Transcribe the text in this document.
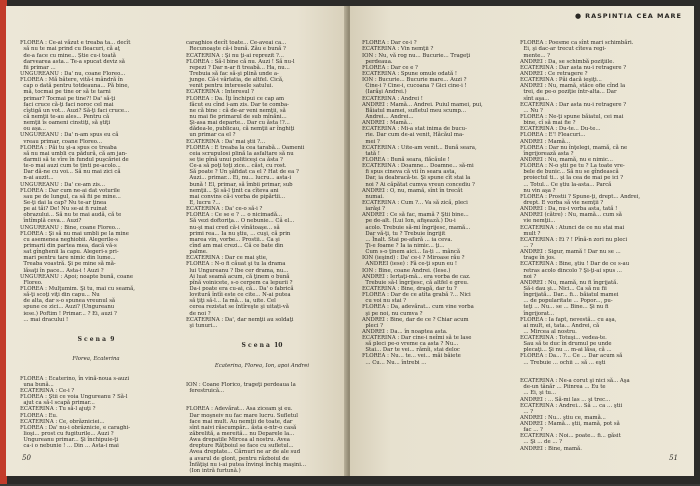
FLOREA : Ce-ai văzut e treaba ta... decît
să nu te mai prind cu fleacuri, că aţ
de-a face cu mine... Știe cu-i toată
darvearea asta... Te-a spucat deviz să
fii primar ...
UNGUREANU : Da' nu, coane Floreo...
FLOREA : Mă bătere, vită-i mândră în
cap o dată pentru totdeauna... Pă bine,
mă, tocmai pe tine or să te tarni
primar? Tocmai pe tine?! Da' să-ţi
faci cruce că-ţi faci noroc cel mai
cîştigă un vot... Auzi? Să-ţi faci cruce...
că nemţii te-au ales... Pentru că
nemţii îs oameni cinstiţi, să ştiţi
ou așa...
UNGUREANU : Da' n-am spus eu că
vreau primar, coane Floreo...
FLOREA : Păi tu şi-a spus ce treaba
să nu mai umbli cu pădură, că am jan-
darmii să te vîre în fundul puşcăriei de
te-o mai auzi cum te ținti pe-acolo...
Dar dă-ne cu voi... Să nu mai zici că
n-ai auzit...
UNGUREANU : Da' ce-am zis...
FLOREA : Dar cum ne-ai dat voturile
sau pe de lungul, ca să fii pe mine...
Se-ţi dai la cap? Nu te-ar ţinea
pe ai tăi? De! Nu se-ai fi ruinat
obrazului... Să nu te mai audă, că te
întîmplă ceva... Auzi?
UNGUREANU : Bine, coane Floreo...
FLOREA : Şi să nu mai umbli pe la mine
cu asemenea neghiobii. Alegerile-s
primarii din partea mea, dacă vă-s
sat gînghenii la capu. Alegeri-s pri-
mari pentru tare nimic din lume...
Treaba voastră. Şi pe mine să mă-
lăsaţi în pace... Asta-i ! Auzi ?
UNGUREANU : Apoi; noapte bună, coane
Floreo.
FLOREA : Mulţumim. Şi tu, mai cu seamă,
să-ţi scoţi viţi din capu... Nu
de alta, dar s-o spunea vreunul să
spune ce zici... Auzi? (Ungureanu
iese.) Poftim ! Primar... ? Ei, auzi ?
... mai dracului !

S c e n a  9

Florea, Ecaterina

FLOREA : Ecaterino, în vină-noua s-auzi
una bună...
ECATERINA : Ce-i ?
FLOREA : Ştii ce voia Ungureanu ? Să-l
ajut ca să-l scapă primar...
ECATERINA : Tu să-l ajuţi ?
FLOREA : Eu.
ECATERINA : Ce, obrăzniciei...
FLOREA : Da' nu-i obrăznicie, e caraghi-
lioşi... prost cu fugiturile... Auzi ?
Ungureanu primar... Şi închipuie-ţi
ca-i o nebunie ! ... Din ... Asta-i mai

caraghios decît toate... Ce-aveai ca...
Recunoaşte că-i bună. Zău e bună ?
ECATERINA : Şi nu ţi-ai reprezit ?...
FLOREA : Să-l bine că nu. Auzi ! Să nu-l
repezi ? Dar n-ar fi treabă... Ha, nu...
Trebuia să fac să-şi plină unde a-
junge. Că-i vărlatia, de altfel. Cică,
venit pentru interesele satului.
ECATERINA : Interesul ?
FLOREA : Da. Îţi închipui ce cap am
făcut eu cînd i-am zis. Dar te comba-
ne că bine : că de-ar veni nemţii, să
nu mai fie primarul de sub mînăni...
Şi-asa mai departe... Dar cu ăsta !?...
dădea-le, publicau, că nemţii ar înghiţi
un primar ca el ?
ECATERINA : Da' mai ştii ?...
FLOREA : E treaba la cea tarabă... Oamenii
ceia scrupulosi plină la asfaltare să nu
se ție pînă unui politiceşi ca ăsta ?
Ce-a să poţi toţi zice... căst, cu rost.
Să poate ? Un şăfidat ca el ? Hat de ea ?
Auzi... primar... Ei, nu... lucru... asta-i
bună ! El, primar, să îmbii primar, sub
nemţii... Şi să-l ţinit ca cîteva ani
mai convins că-i vorba de pipărtii...
E, lucru ?...
ECATERINA : Da' ce-o să-i ?
FLOREA : Ce se e ? ... o nicimadă...
Să vezi doftoriţa... O nebunie... Că el...
nu-şi mai cred că-i vînătoaşe... să
primi rea... Ia nu ştiu, ... cuşi, că prin
marea vin, vorbe... Prostii... Ca şi
cînd am mai crezi... Că ce bate din
palme.
ECATERINA : Dar ce mai ştie,
FLOREA : N-o fi căuat şi tu la drama
lui Ungureanu ? Ibe cer drama, nu...
Ai luat seamă acum, că ţinem o bună
pînă voinicete, s-o cerpem ca lepurii ?
Da-i poate era cu-ai, că... Da' o fabrică
lovitură întîi este ce cite... N-ai putea
să ţiţi să-l... Ia mă... ia, uite. Cel
cerea rezistat se întîreşte şi uitați-vă
de noi ?
ECATERINA : Da', dar nemţii au soldaţi
şi tunuri...

S c e n a  10

Ecaterina, Florea, Ion, apoi Andrei

ION : Coane Florico, trageţi perdeaua la
ferestruică...

FLOREA : Adevărat... Asa ziceam şi eu.
Dar moşneiv nu fac mare lucru. Sufletul
face mai mult. Au nemţii de toate, dar
sînt naivi răscumpăr... ăsta e-ntr-o casă
zăbrelită, a mereită... nu Deparele la...
Awa drepatile Mircea al nostru. Avea
drepture Rățboiul se face cu sufletul...
Avea dreptate... Cărnuri ne ar de ale sud
a avarul de glont, pentru războiul de
Înfăţişi nu i-ai putea învinşi închiş maşini...
(Ion intră furtună.)

50
● RASPINTIA CEA MARE

FLOREA : Dar ce-i ?
ECATERINA : Vin nemţii ?
ION : Nu, vă rog nu... Bucurie... Trageţi
perdeaua.
FLOREA : Dar ce e ?
ECATERINA : Spune omule odată !
ION : Bucurie... Bucurie mare... Auzi ?
Cine-i ? Cine-i, cucoana ? Gici cine-i !
(Iarăşi Andrei.)
ECATERINA : Andrei !
ANDREI : Mamă... Andrei. Puiul mamei, pui,
Băiatul mamei, sufletul meu scump...
Andrei... Andrei...
ANDREI : Mamă...
ECATERINA : Mi-a stat inima de bucu-
rie. Dar cum de-ai venit, Hăcăul ma-
mei ?
ECATERINA : Uite-am venit... Bună seara,
tată !
FLOREA : Bună seara, flăcăule !
ECATERINA : Doamne... Doamne... să-mi
fi spus cineva că vii în seara asta,
Dar, ia deabracă-te. Şi spune cît stai la
noi ? Ai căpătat cumva vreun concediu ?
ANDREI : O, nu, mamă, sînt în trecăt
numai.
ECATERINA : Cum ?... Va să zică, pleci
iarăşi ?
ANDREI : Ce să fac, mamă ? Ştii bine...
pe de-alt. (Lui Ion, afişează.) Du-i
acolo. Trebuie să-mi îngrijesc, mamă...
Dar vă-ţi, tu ? Trebuie îngrijit
... Înalt. Stai pe-afară ... ia ceva.
Ţi-e foame ? Ia ia nimic... ţi...
Cum s-o ţinem aici... Ia-ți ... mâncă
ION (ieşind) : Da' ce-i ? Miroase rău ?
ANDREI (iese) : Fă ce-ţi spun eu !
ION : Bine, coane Andrei. (Iese.)
ANDREI : Iertaţi-mă... era vorba de caz.
Trebuie să-l îngrijesc, că altfel e greu.
ECATERINA : Bine, dragă, dar tu ?
FLOREA : Dar de ce atîta grabă ?... Nici
cu voi nu stai ?
FLOREA : Da, adevărat... cum vine vorba
şi pe noi, nu cumva ?
ANDREI : Bine, dar de ce ? Chiar acum
pleci ?
ANDREI : Da... în noaptea asta.
ECATERINA : Dar cine-i neîmi să te lase
să pleci pe-o vreme ca asta ? Nu...
Stai... Dar te vei... rămîi, stai deloc
FLOREA : Nu... te... vei... măi băiete
... Cu... Nu... întrebi ...

FLOREA : Poesme ca sînt mari schimbări.
Ei, şi dac-ar trecut cîteva regi-
mente... ?
ANDREI : Da, se schimbă poziţiile.
ECATERINA : Dar asta nu-i retragere ?
ANDREI : Ce retragere ?
ECATERINA : Păi dacă ieşiţi...
ANDREI : Nu, mamă, stăce ofie cînd la
trei, de pe-o poziţie într-alta... Dar
sînt aşa...
ECATERINA : Dar asta nu-i retragere ?
... Nu ?
FLOREA : Ne-ţi spune băiatul, cei mai
bine, cî să mai fie ?
ECATERINA : Du-te... Du-te...
FLOREA : E'! Fleacuri...
ANDREI : Mamă...
FLOREA : Dar nu înţelegi, mamă, că ne
îngrijorează asta ?
ANDREI : Nu, mamă, nu e nimic...
FLOREA : N-o ştii pe tu ? La toate vre-
bele de bunic... Să nu se gîndească
proiectul ti... şi la cea de mai pe ici ?
... Totul... Ce ştiu la-asta... Parcă
nu vin aşa ?
FLOREA : Prostii ? Spune-ţi, drept... Andrei,
drept. E vorba să vie nemţii ?
ANDREI : Da, nu-i vorba asta, tată !
ANDREI (către) : Nu, mamă... cum să
vie nemţii...
ECATERINA : Atunci de ce nu stai mai
mult ?
ECATERINA : Ei ? ! Pînă-n zori nu pleci
... ?
ANDREI : Sigur, mamă ! Dar nu se ...
trage în jos.
ECATERINA : Bine, ştiu ! Dar de ce s-au
retras acolo dincolo ? Şi-ţi-ai spus ...
noi ?
ANDREI : Nu, mamă, nu fi îngrijată.
Să-i dau şi... Nici... Ca să nu fii
îngrijată... Dar... fi... băiatul mamei
... de popularitate ... Popor..., pu-
teţi ... Nu... se ... Bine... Şi nu fi
îngrijorat...
FLOREA : Ia fapt, nevestă... cu aşa,
ai mult, ei, tata... Andrei, că
... Mircea al nostru.
ECATERINA : Totuşi... vedea-te.
Sau să te duc în drumul pe unde
plecaţi... Şi nu ... m-ai lăsa, că ...
FLOREA : Da... ?... Ce ... Dar acum să
... Trebuie ... ochii ... să ... eşti

ECATERINA : Ne-a corut şi nici să... Aşa
de-un tânăr ... Piinrea ... Eu te
... Ei, şi tu...
ANDREI : ... Să-mi las ... şi trec...
ECATERINA : Andrei... Să ... ca ... ştii
... ?
ANDREI : Nu... ştiu ce, mamă...
ANDREI : Mamă... ştii, mamă, pot să
fac ... ?
ECATERINA : Noi... poate... fi... găsit
... Şi ... de ... ?
ANDREI : Bine, mamă.

51
